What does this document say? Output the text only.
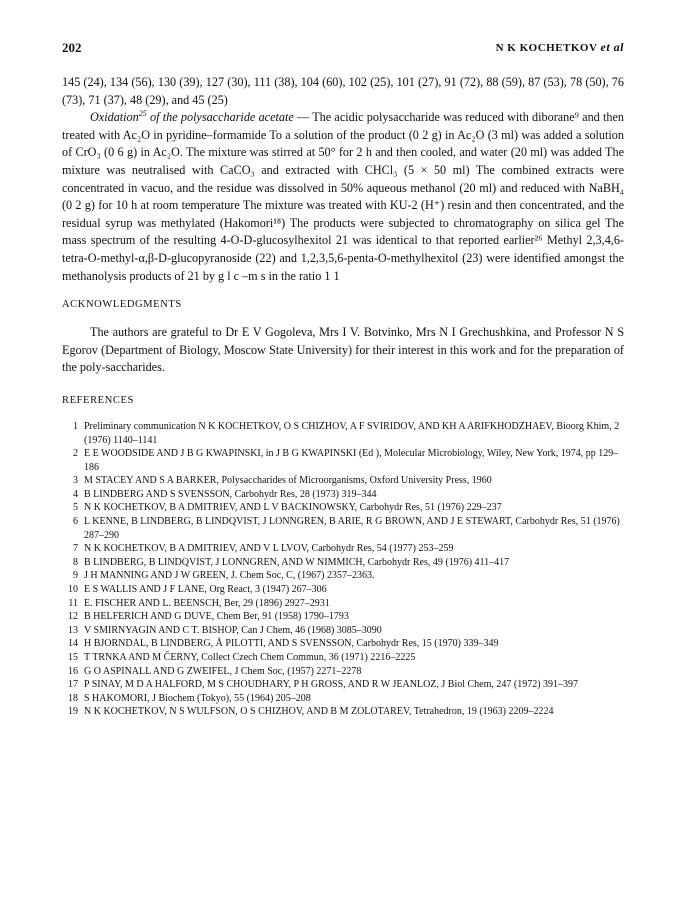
202	N K KOCHETKOV et al

145 (24), 134 (56), 130 (39), 127 (30), 111 (38), 104 (60), 102 (25), 101 (27), 91 (72), 88 (59), 87 (53), 78 (50), 76 (73), 71 (37), 48 (29), and 45 (25)

Oxidation$^{25}$ of the polysaccharide acetate — The acidic polysaccharide was reduced with diborane⁹ and then treated with Ac₂O in pyridine–formamide To a solution of the product (0 2 g) in Ac₂O (3 ml) was added a solution of CrO₃ (0 6 g) in Ac₂O. The mixture was stirred at 50° for 2 h and then cooled, and water (20 ml) was added The mixture was neutralised with CaCO₃ and extracted with CHCl₃ (5 × 50 ml) The combined extracts were concentrated in vacuo, and the residue was dissolved in 50% aqueous methanol (20 ml) and reduced with NaBH₄ (0 2 g) for 10 h at room temperature The mixture was treated with KU-2 (H⁺) resin and then concentrated, and the residual syrup was methylated (Hakomori¹⁸) The products were subjected to chromatography on silica gel The mass spectrum of the resulting 4-O-D-glucosylhexitol 21 was identical to that reported earlier²⁶ Methyl 2,3,4,6-tetra-O-methyl-α,β-D-glucopyranoside (22) and 1,2,3,5,6-penta-O-methylhexitol (23) were identified amongst the methanolysis products of 21 by g l c –m s in the ratio 1 1

ACKNOWLEDGMENTS

The authors are grateful to Dr E V Gogoleva, Mrs I V. Botvinko, Mrs N I Grechushkina, and Professor N S Egorov (Department of Biology, Moscow State University) for their interest in this work and for the preparation of the poly-saccharides.

REFERENCES
1 Preliminary communication N K KOCHETKOV, O S CHIZHOV, A F SVIRIDOV, AND KH A ARIFKHODZHAEV, Bioorg Khim, 2 (1976) 1140–1141
2 E E WOODSIDE AND J B G KWAPINSKI, in J B G KWAPINSKI (Ed ), Molecular Microbiology, Wiley, New York, 1974, pp 129–186
3 M STACEY AND S A BARKER, Polysaccharides of Microorganisms, Oxford University Press, 1960
4 B LINDBERG AND S SVENSSON, Carbohydr Res, 28 (1973) 319–344
5 N K KOCHETKOV, B A DMITRIEV, AND L V BACKINOWSKY, Carbohydr Res, 51 (1976) 229–237
6 L KENNE, B LINDBERG, B LINDQVIST, J LONNGREN, B ARIE, R G BROWN, AND J E STEWART, Carbohydr Res, 51 (1976) 287–290
7 N K KOCHETKOV, B A DMITRIEV, AND V L LVOV, Carbohydr Res, 54 (1977) 253–259
8 B LINDBERG, B LINDQVIST, J LONNGREN, AND W NIMMICH, Carbohydr Res, 49 (1976) 411–417
9 J H MANNING AND J W GREEN, J. Chem Soc, C, (1967) 2357–2363.
10 E S WALLIS AND J F LANE, Org React, 3 (1947) 267–306
11 E. FISCHER AND L. BEENSCH, Ber, 29 (1896) 2927–2931
12 B HELFERICH AND G DUVE, Chem Ber, 91 (1958) 1790–1793
13 V SMIRNYAGIN AND C T. BISHOP, Can J Chem, 46 (1968) 3085–3090
14 H BJORNDAL, B LINDBERG, Å PILOTTI, AND S SVENSSON, Carbohydr Res, 15 (1970) 339–349
15 T TRNKA AND M ČERNY, Collect Czech Chem Commun, 36 (1971) 2216–2225
16 G O ASPINALL AND G ZWEIFEL, J Chem Soc, (1957) 2271–2278
17 P SINAY, M D A HALFORD, M S CHOUDHARY, P H GROSS, AND R W JEANLOZ, J Biol Chem, 247 (1972) 391–397
18 S HAKOMORI, J Biochem (Tokyo), 55 (1964) 205–208
19 N K KOCHETKOV, N S WULFSON, O S CHIZHOV, AND B M ZOLOTAREV, Tetrahedron, 19 (1963) 2209–2224
